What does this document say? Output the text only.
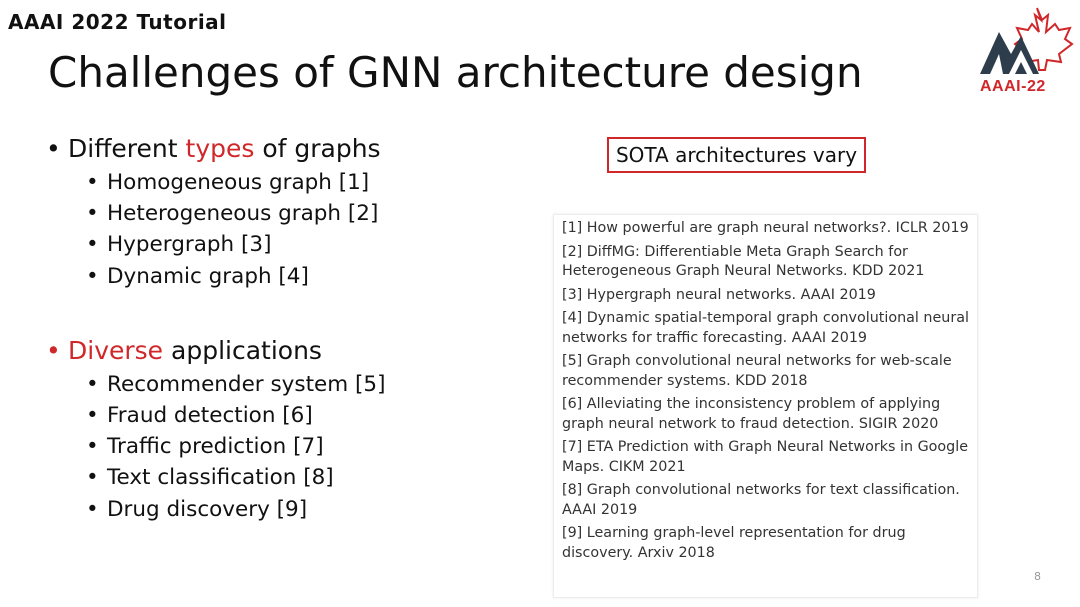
AAAI 2022 Tutorial
Challenges of GNN architecture design	AAAI-22

• Different types of graphs

• Homogeneous graph [1]
• Heterogeneous graph [2]
• Hypergraph [3]
• Dynamic graph [4]

• Diverse applications

• Recommender system [5]
• Fraud detection [6]
• Traffic prediction [7]
• Text classification [8]
• Drug discovery [9]
SOTA architectures vary

[1] How powerful are graph neural networks?. ICLR 2019

[2] DiffMG: Differentiable Meta Graph Search for Heterogeneous Graph Neural Networks. KDD 2021

[3] Hypergraph neural networks. AAAI 2019

[4] Dynamic spatial-temporal graph convolutional neural networks for traffic forecasting. AAAI 2019

[5] Graph convolutional neural networks for web-scale recommender systems. KDD 2018

[6] Alleviating the inconsistency problem of applying graph neural network to fraud detection. SIGIR 2020

[7] ETA Prediction with Graph Neural Networks in Google Maps. CIKM 2021

[8] Graph convolutional networks for text classification. AAAI 2019

[9] Learning graph-level representation for drug discovery. Arxiv 2018

8
